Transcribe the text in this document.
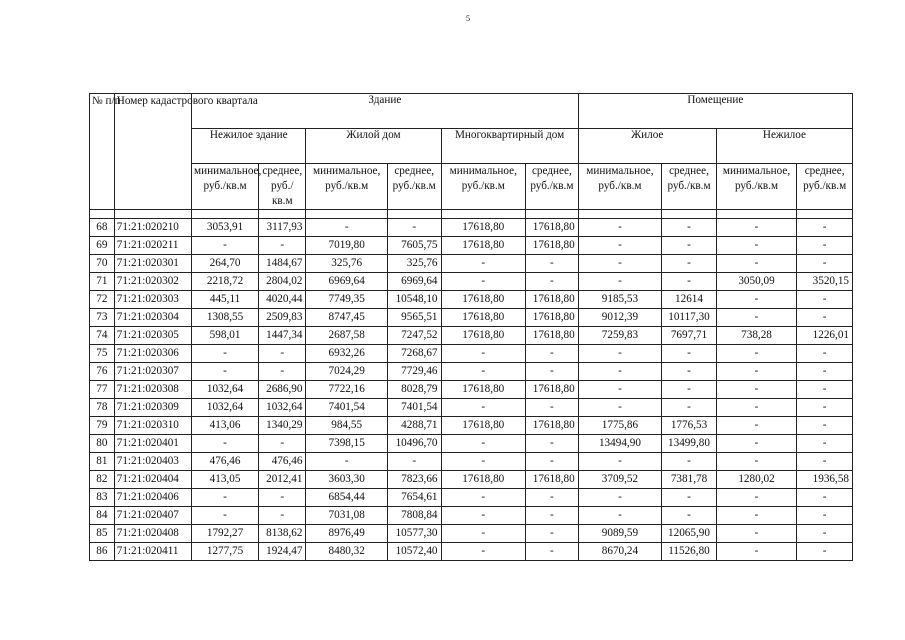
5
№ п/п	Номер кадастрового квартала	Здание						Помещение			
		Нежилое здание		Жилой дом		Многоквартирный дом		Жилое		Нежилое	
		минимальное, руб./кв.м	среднее, руб./кв.м	минимальное, руб./кв.м	среднее, руб./кв.м	минимальное, руб./кв.м	среднее, руб./кв.м	минимальное, руб./кв.м	среднее, руб./кв.м	минимальное, руб./кв.м	среднее, руб./кв.м

68	71:21:020210	3053,91	3117,93	-	-	17618,80	17618,80	-	-	-	-
69	71:21:020211	-	-	7019,80	7605,75	17618,80	17618,80	-	-	-	-
70	71:21:020301	264,70	1484,67	325,76	325,76	-	-	-	-	-	-
71	71:21:020302	2218,72	2804,02	6969,64	6969,64	-	-	-	-	3050,09	3520,15
72	71:21:020303	445,11	4020,44	7749,35	10548,10	17618,80	17618,80	9185,53	12614	-	-
73	71:21:020304	1308,55	2509,83	8747,45	9565,51	17618,80	17618,80	9012,39	10117,30	-	-
74	71:21:020305	598,01	1447,34	2687,58	7247,52	17618,80	17618,80	7259,83	7697,71	738,28	1226,01
75	71:21:020306	-	-	6932,26	7268,67	-	-	-	-	-	-
76	71:21:020307	-	-	7024,29	7729,46	-	-	-	-	-	-
77	71:21:020308	1032,64	2686,90	7722,16	8028,79	17618,80	17618,80	-	-	-	-
78	71:21:020309	1032,64	1032,64	7401,54	7401,54	-	-	-	-	-	-
79	71:21:020310	413,06	1340,29	984,55	4288,71	17618,80	17618,80	1775,86	1776,53	-	-
80	71:21:020401	-	-	7398,15	10496,70	-	-	13494,90	13499,80	-	-
81	71:21:020403	476,46	476,46	-	-	-	-	-	-	-	-
82	71:21:020404	413,05	2012,41	3603,30	7823,66	17618,80	17618,80	3709,52	7381,78	1280,02	1936,58
83	71:21:020406	-	-	6854,44	7654,61	-	-	-	-	-	-
84	71:21:020407	-	-	7031,08	7808,84	-	-	-	-	-	-
85	71:21:020408	1792,27	8138,62	8976,49	10577,30	-	-	9089,59	12065,90	-	-
86	71:21:020411	1277,75	1924,47	8480,32	10572,40	-	-	8670,24	11526,80	-	-
